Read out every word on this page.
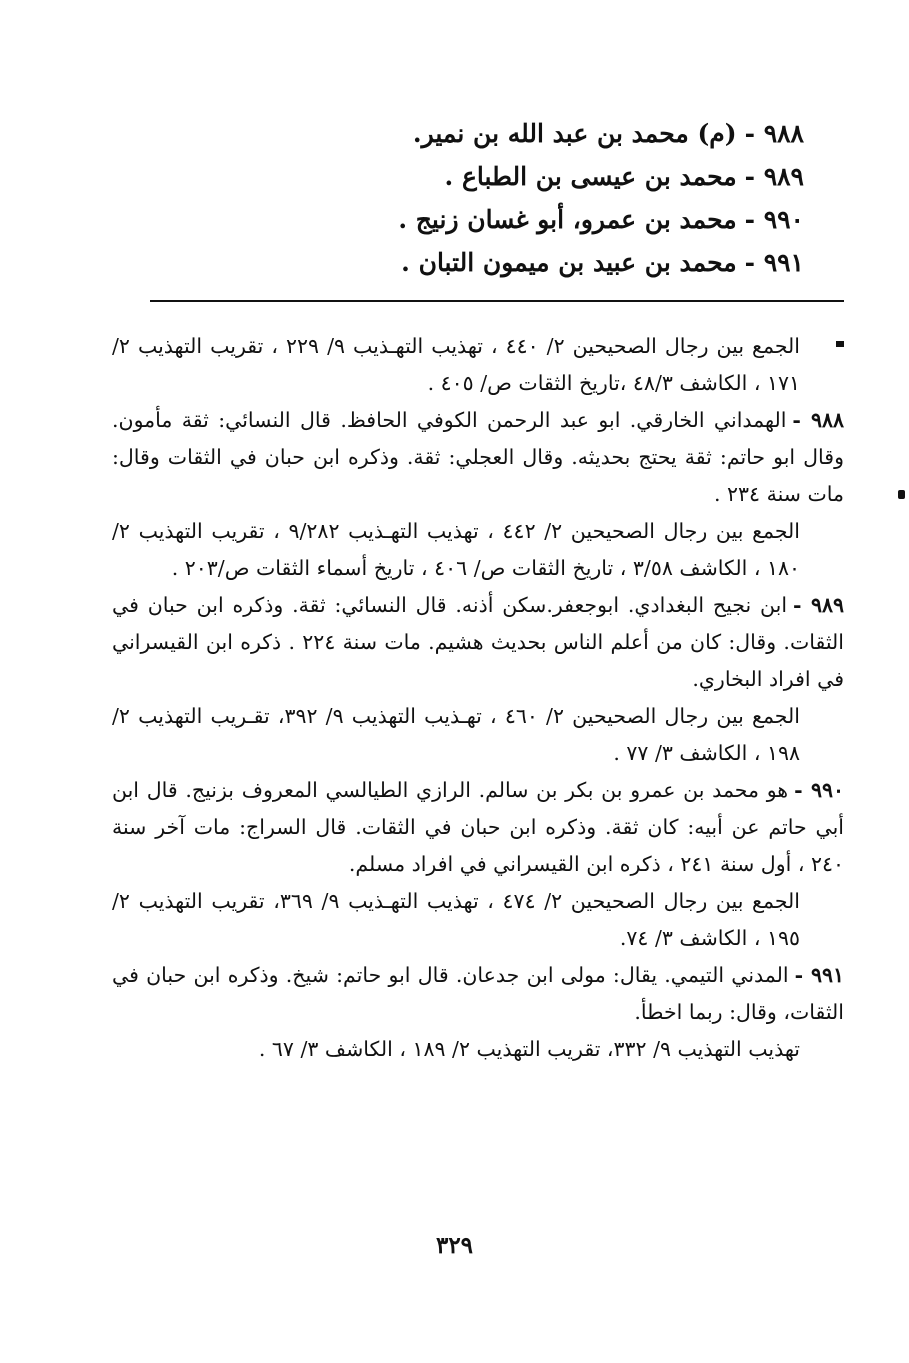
٩٨٨ -(م) محمد بن عبد الله بن نمير.
٩٨٩ -محمد بن عيسى بن الطباع .
٩٩٠ -محمد بن عمرو، أبو غسان زنيج .
٩٩١ -محمد بن عبيد بن ميمون التبان .

الجمع بين رجال الصحيحين ٢/ ٤٤٠ ، تهذيب التهـذيب ٩/ ٢٢٩ ، تقريب التهذيب ٢/ ١٧١ ، الكاشف ٤٨/٣ ،تاريخ الثقات ص/ ٤٠٥ .

٩٨٨ -الهمداني الخارقي. ابو عبد الرحمن الكوفي الحافظ. قال النسائي: ثقة مأمون. وقال ابو حاتم: ثقة يحتج بحديثه. وقال العجلي: ثقة. وذكره ابن حبان في الثقات وقال: مات سنة ٢٣٤ .

الجمع بين رجال الصحيحين ٢/ ٤٤٢ ، تهذيب التهـذيب ٩/٢٨٢ ، تقريب التهذيب ٢/ ١٨٠ ، الكاشف ٣/٥٨ ، تاريخ الثقات ص/ ٤٠٦ ، تاريخ أسماء الثقات ص/٢٠٣ .

٩٨٩ -ابن نجيح البغدادي. ابوجعفر.سكن أذنه. قال النسائي: ثقة. وذكره ابن حبان في الثقات. وقال: كان من أعلم الناس بحديث هشيم. مات سنة ٢٢٤ . ذكره ابن القيسراني في افراد البخاري.

الجمع بين رجال الصحيحين ٢/ ٤٦٠ ، تهـذيب التهذيب ٩/ ٣٩٢، تقـريب التهذيب ٢/ ١٩٨ ، الكاشف ٣/ ٧٧ .

٩٩٠ -هو محمد بن عمرو بن بكر بن سالم. الرازي الطيالسي المعروف بزنيج. قال ابن أبي حاتم عن أبيه: كان ثقة. وذكره ابن حبان في الثقات. قال السراج: مات آخر سنة ٢٤٠ ، أول سنة ٢٤١ ، ذكره ابن القيسراني في افراد مسلم.

الجمع بين رجال الصحيحين ٢/ ٤٧٤ ، تهذيب التهـذيب ٩/ ٣٦٩، تقريب التهذيب ٢/ ١٩٥ ، الكاشف ٣/ ٧٤.

٩٩١ -المدني التيمي. يقال: مولى ابن جدعان. قال ابو حاتم: شيخ. وذكره ابن حبان في الثقات، وقال: ربما اخطأ.

تهذيب التهذيب ٩/ ٣٣٢، تقريب التهذيب ٢/ ١٨٩ ، الكاشف ٣/ ٦٧ .

٣٢٩
